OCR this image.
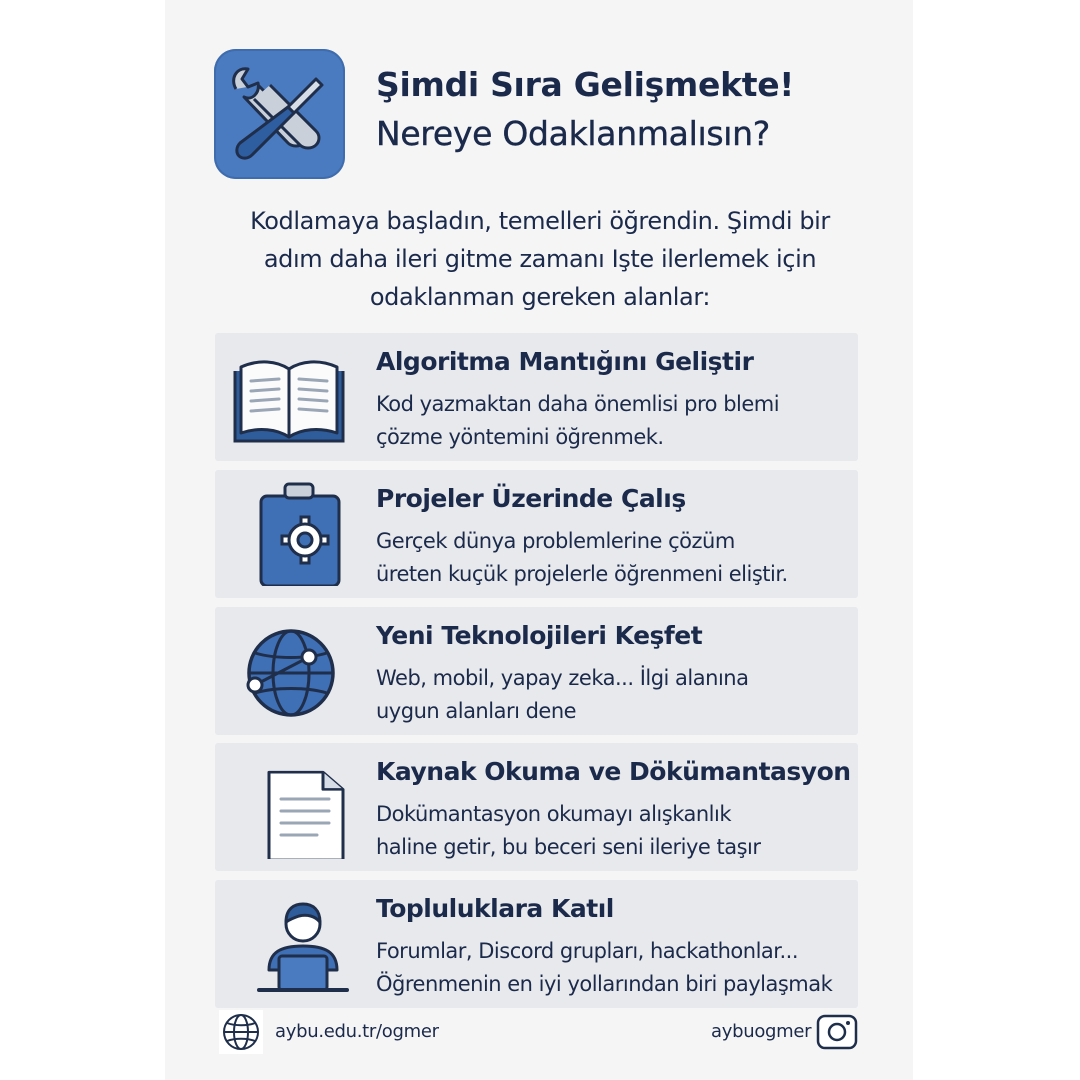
Şimdi Sıra Gelişmekte!
Nereye Odaklanmalısın?
Kodlamaya başladın, temelleri öğrendin. Şimdi bir
adım daha ileri gitme zamanı Işte ilerlemek için
odaklanman gereken alanlar:
Algoritma Mantığını Geliştir
Kod yazmaktan daha önemlisi pro blemi
çözme yöntemini öğrenmek.
Projeler Üzerinde Çalış
Gerçek dünya problemlerine çözüm
üreten kuçük projelerle öğrenmeni eliştir.
Yeni Teknolojileri Keşfet
Web, mobil, yapay zeka... İlgi alanına
uygun alanları dene
Kaynak Okuma ve Dökümantasyon
Dokümantasyon okumayı alışkanlık
haline getir, bu beceri seni ileriye taşır
Topluluklara Katıl
Forumlar, Discord grupları, hackathonlar...
Öğrenmenin en iyi yollarından biri paylaşmak
aybu.edu.tr/ogmer	aybuogmer
